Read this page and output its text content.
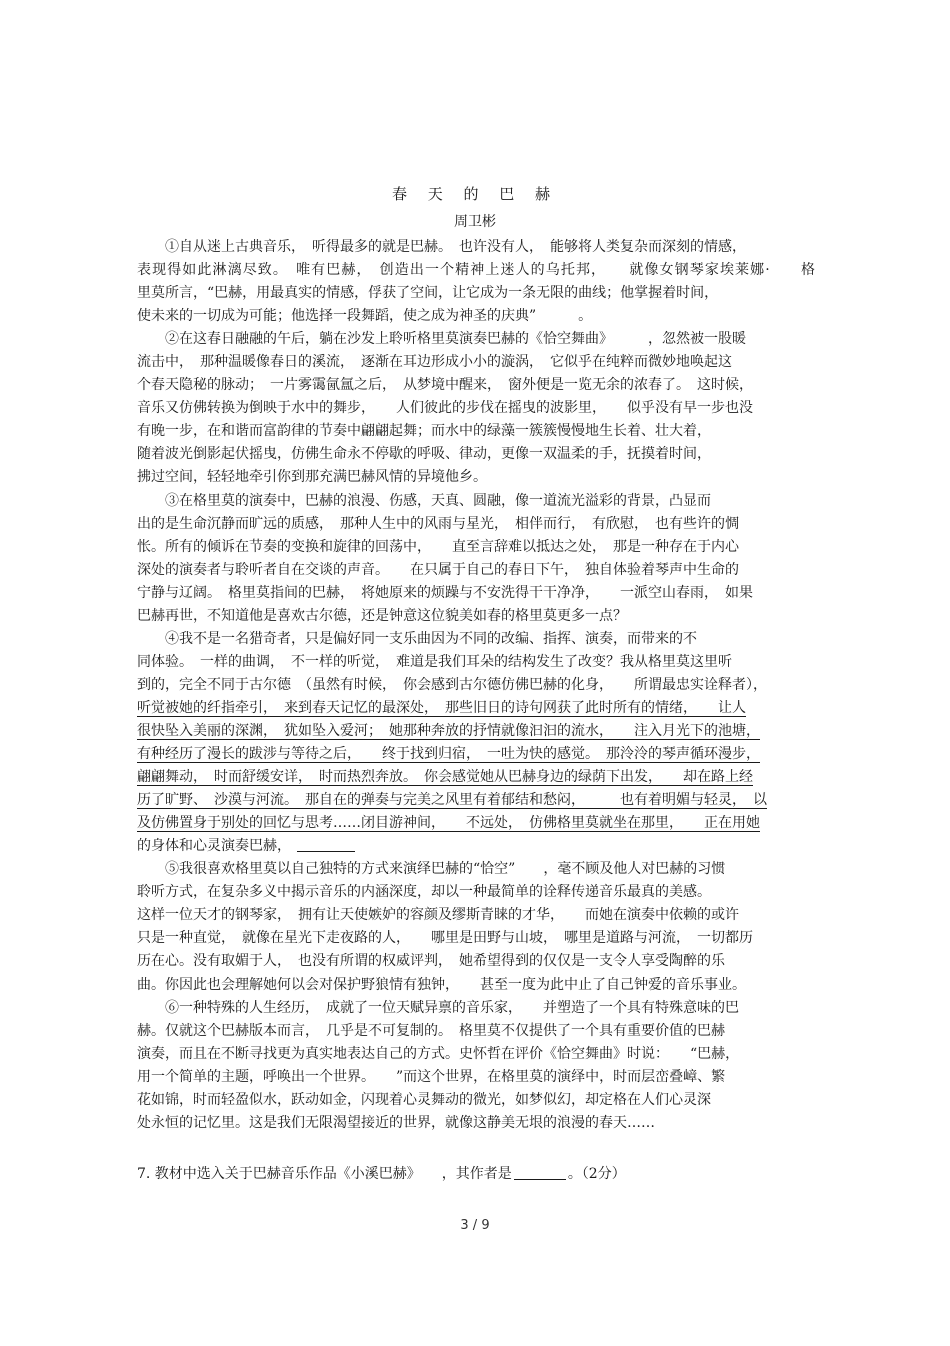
春 天 的 巴 赫
周卫彬
　　①自从迷上古典音乐，　听得最多的就是巴赫。　也许没有人，　能够将人类复杂而深刻的情感，
表现得如此淋漓尽致。　唯有巴赫，　创造出一个精神上迷人的乌托邦，　　就像女钢琴家埃莱娜·　　格
里莫所言，“巴赫，用最真实的情感，俘获了空间，让它成为一条无限的曲线；他掌握着时间，
使未来的一切成为可能；他选择一段舞蹈，使之成为神圣的庆典”　　　。
　　②在这春日融融的午后，躺在沙发上聆听格里莫演奏巴赫的《恰空舞曲》　　　，忽然被一股暖
流击中，　那种温暖像春日的溪流，　逐渐在耳边形成小小的漩涡，　它似乎在纯粹而微妙地唤起这
个春天隐秘的脉动；　一片雾霭氤氲之后，　从梦境中醒来，　窗外便是一览无余的浓春了。　这时候，
音乐又仿佛转换为倒映于水中的舞步，　　人们彼此的步伐在摇曳的波影里，　　似乎没有早一步也没
有晚一步，在和谐而富韵律的节奏中翩翩起舞；而水中的绿藻一簇簇慢慢地生长着、壮大着，
随着波光倒影起伏摇曳，仿佛生命永不停歇的呼吸、律动，更像一双温柔的手，抚摸着时间，
拂过空间，轻轻地牵引你到那充满巴赫风情的异境他乡。
　　③在格里莫的演奏中，巴赫的浪漫、伤感，天真、圆融，像一道流光溢彩的背景，凸显而
出的是生命沉静而旷远的质感，　那种人生中的风雨与星光，　相伴而行，　有欣慰，　也有些许的惆
怅。所有的倾诉在节奏的变换和旋律的回荡中，　　直至言辞难以抵达之处，　那是一种存在于内心
深处的演奏者与聆听者自在交谈的声音。　　在只属于自己的春日下午，　独自体验着琴声中生命的
宁静与辽阔。　格里莫指间的巴赫，　将她原来的烦躁与不安洗得干干净净，　　一派空山春雨，　如果
巴赫再世，不知道他是喜欢古尔德，还是钟意这位貌美如春的格里莫更多一点？
　　④我不是一名猎奇者，只是偏好同一支乐曲因为不同的改编、指挥、演奏，而带来的不
同体验。　一样的曲调，　不一样的听觉，　难道是我们耳朵的结构发生了改变？我从格里莫这里听
到的，完全不同于古尔德　（虽然有时候，　你会感到古尔德仿佛巴赫的化身，　　所谓最忠实诠释者），
听觉被她的纤指牵引，　来到春天记忆的最深处，　那些旧日的诗句网获了此时所有的情绪，　　让人
很快坠入美丽的深渊，　犹如坠入爱河；　她那种奔放的抒情就像汩汩的流水，　　注入月光下的池塘，
有种经历了漫长的跋涉与等待之后，　　终于找到归宿，　一吐为快的感觉。　那泠泠的琴声循环漫步，
翩翩舞动，　时而舒缓安详，　时而热烈奔放。　你会感觉她从巴赫身边的绿荫下出发，　　却在路上经
历了旷野、　沙漠与河流。　那自在的弹奏与完美之风里有着郁结和愁闷，　　　也有着明媚与轻灵，　以
及仿佛置身于别处的回忆与思考……闭目游神间，　　不远处，　仿佛格里莫就坐在那里，　　正在用她
的身体和心灵演奏巴赫，
　　⑤我很喜欢格里莫以自己独特的方式来演绎巴赫的“恰空”　　，毫不顾及他人对巴赫的习惯
聆听方式，在复杂多义中揭示音乐的内涵深度，却以一种最简单的诠释传递音乐最真的美感。
这样一位天才的钢琴家，　拥有让天使嫉妒的容颜及缪斯青睐的才华，　　而她在演奏中依赖的或许
只是一种直觉，　就像在星光下走夜路的人，　　哪里是田野与山坡，　哪里是道路与河流，　一切都历
历在心。没有取媚于人，　也没有所谓的权威评判，　她希望得到的仅仅是一支令人享受陶醉的乐
曲。你因此也会理解她何以会对保护野狼情有独钟，　　甚至一度为此中止了自己钟爱的音乐事业。
　　⑥一种特殊的人生经历，　成就了一位天赋异禀的音乐家，　　并塑造了一个具有特殊意味的巴
赫。仅就这个巴赫版本而言，　几乎是不可复制的。　格里莫不仅提供了一个具有重要价值的巴赫
演奏，而且在不断寻找更为真实地表达自己的方式。史怀哲在评价《恰空舞曲》时说：　　“巴赫，
用一个简单的主题，呼唤出一个世界。　　”而这个世界，在格里莫的演绎中，时而层峦叠嶂、繁
花如锦，时而轻盈似水，跃动如金，闪现着心灵舞动的微光，如梦似幻，却定格在人们心灵深
处永恒的记忆里。这是我们无限渴望接近的世界，就像这静美无垠的浪漫的春天……
7. 教材中选入关于巴赫音乐作品《小溪巴赫》　　，其作者是	。（2分）
3 / 9
